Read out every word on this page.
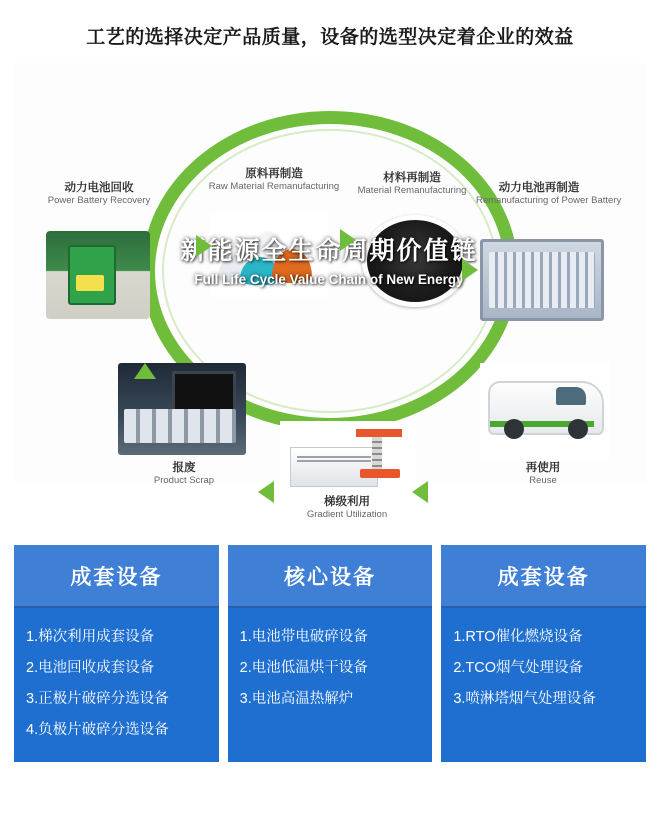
工艺的选择决定产品质量，设备的选型决定着企业的效益
动力电池回收
Power Battery Recovery
原料再制造
Raw Material Remanufacturing
材料再制造
Material Remanufacturing	动力电池再制造
Remanufacturing of Power Battery
再使用
Reuse
梯级利用
Gradient Utilization
报废
Product Scrap
新能源全生命周期价值链
Full Life Cycle Value Chain of New Energy
成套设备
1.梯次利用成套设备
2.电池回收成套设备
3.正极片破碎分选设备
4.负极片破碎分选设备
核心设备
1.电池带电破碎设备
2.电池低温烘干设备
3.电池高温热解炉
成套设备
1.RTO催化燃烧设备
2.TCO烟气处理设备
3.喷淋塔烟气处理设备
